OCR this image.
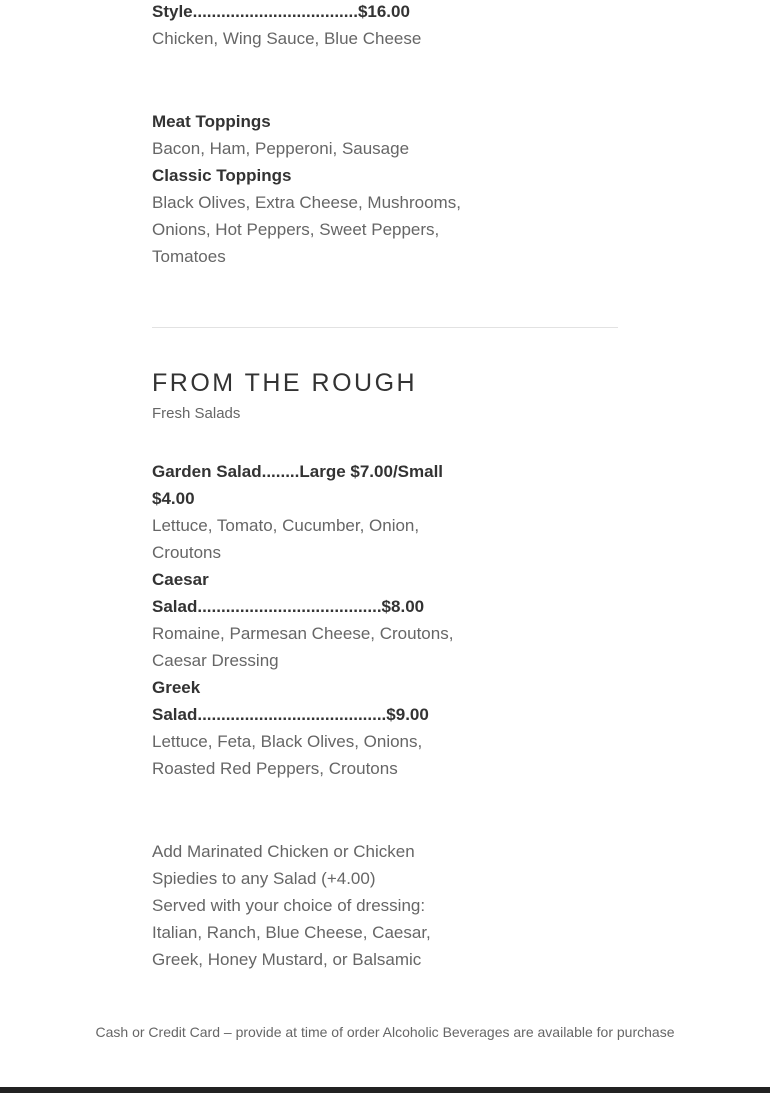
Style...................................$16.00
Chicken, Wing Sauce, Blue Cheese
Meat Toppings
Bacon, Ham, Pepperoni, Sausage
Classic Toppings
Black Olives, Extra Cheese, Mushrooms,
Onions, Hot Peppers, Sweet Peppers,
Tomatoes
FROM THE ROUGH
Fresh Salads
Garden Salad........Large $7.00/Small
$4.00
Lettuce, Tomato, Cucumber, Onion,
Croutons
Caesar
Salad.......................................$8.00
Romaine, Parmesan Cheese, Croutons,
Caesar Dressing
Greek
Salad........................................$9.00
Lettuce, Feta, Black Olives, Onions,
Roasted Red Peppers, Croutons
Add Marinated Chicken or Chicken
Spiedies to any Salad (+4.00)
Served with your choice of dressing:
Italian, Ranch, Blue Cheese, Caesar,
Greek, Honey Mustard, or Balsamic
Cash or Credit Card – provide at time of order Alcoholic Beverages are available for purchase
